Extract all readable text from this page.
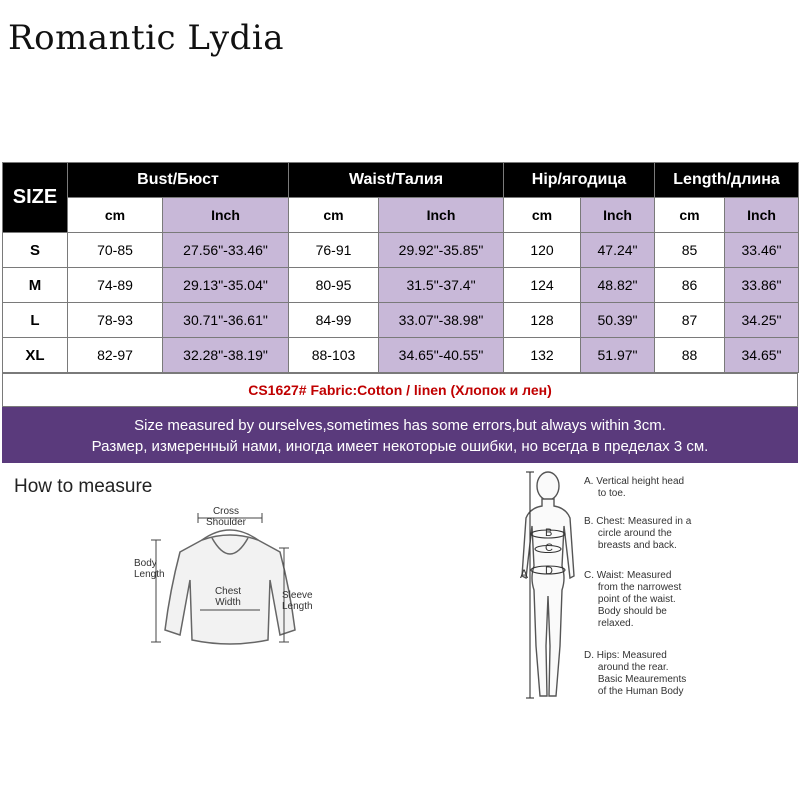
Romantic Lydia
SIZE	Bust/Бюст		Waist/Талия		Hip/ягодица		Length/длина	
	cm	Inch	cm	Inch	cm	Inch	cm	Inch
S	70-85	27.56"-33.46"	76-91	29.92"-35.85"	120	47.24"	85	33.46"
M	74-89	29.13"-35.04"	80-95	31.5"-37.4"	124	48.82"	86	33.86"
L	78-93	30.71"-36.61"	84-99	33.07"-38.98"	128	50.39"	87	34.25"
XL	82-97	32.28"-38.19"	88-103	34.65"-40.55"	132	51.97"	88	34.65"
CS1627# Fabric:Cotton / linen (Хлопок и лен)
Size measured by ourselves,sometimes has some errors,but always within 3cm.
Размер, измеренный нами, иногда имеет некоторые ошибки, но всегда в пределах 3 см.
How to measure
Cross
Shoulder
Body
Length
Chest
Width
Sleeve
Length
A
B
C
D
A. Vertical height head
to toe.
B. Chest: Measured in a
circle around the
breasts and back.
C. Waist: Measured
from the narrowest
point of the waist.
Body should be
relaxed.
D. Hips: Measured
around the rear.
Basic Meaurements
of the Human Body
